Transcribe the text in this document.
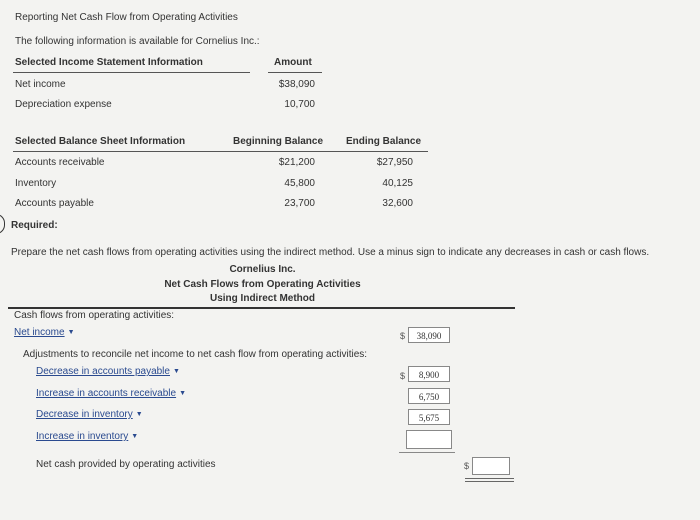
Reporting Net Cash Flow from Operating Activities
The following information is available for Cornelius Inc.:
Selected Income Statement Information	Amount
Net income	$38,090
Depreciation expense	10,700
Selected Balance Sheet Information	Beginning Balance Ending Balance
Accounts receivable	$21,200	$27,950
Inventory	45,800	40,125
Accounts payable	23,700	32,600
Required:
Prepare the net cash flows from operating activities using the indirect method. Use a minus sign to indicate any decreases in cash or cash flows.
Cornelius Inc.
Net Cash Flows from Operating Activities
Using Indirect Method
Cash flows from operating activities:
Net income ▼	$	38,090
Adjustments to reconcile net income to net cash flow from operating activities:
Decrease in accounts payable ▼	$	8,900
Increase in accounts receivable ▼	6,750
Decrease in inventory ▼	5,675
Increase in inventory ▼
Net cash provided by operating activities	$
